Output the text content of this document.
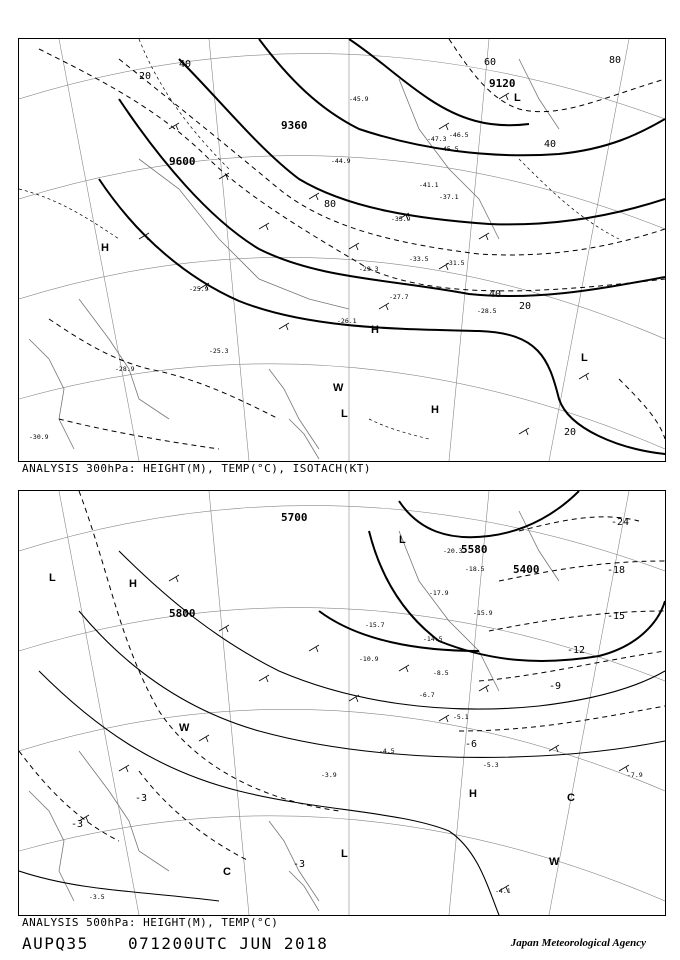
9120
9360
9600
20
40	60
80
40
20
80
40
20
L
L
H
H
H
L
W
-45.9
-46.5
-47.3
-45.5
-44.9
-41.1
-37.1
-35.9
-33.5	-31.5
-29.3
-27.7
-28.5
-25.9
-26.1
-25.3
-28.9
-30.9
ANALYSIS 300hPa: HEIGHT(M), TEMP(°C), ISOTACH(KT)
5700
5400
5580
5800
-24
-18
-15
-12
-9
-6
-3
-3
-3
L	H
L
H
L
C
C
W
W
-17.9
-20.3
-18.5
-15.9
-15.7
-14.5
-10.9
-8.5
-6.7
-5.1
-4.5
-3.9
-5.3
-7.9
-4.1
-3.5
ANALYSIS 500hPa: HEIGHT(M), TEMP(°C)
AUPQ35 071200UTC JUN 2018	Japan Meteorological Agency
